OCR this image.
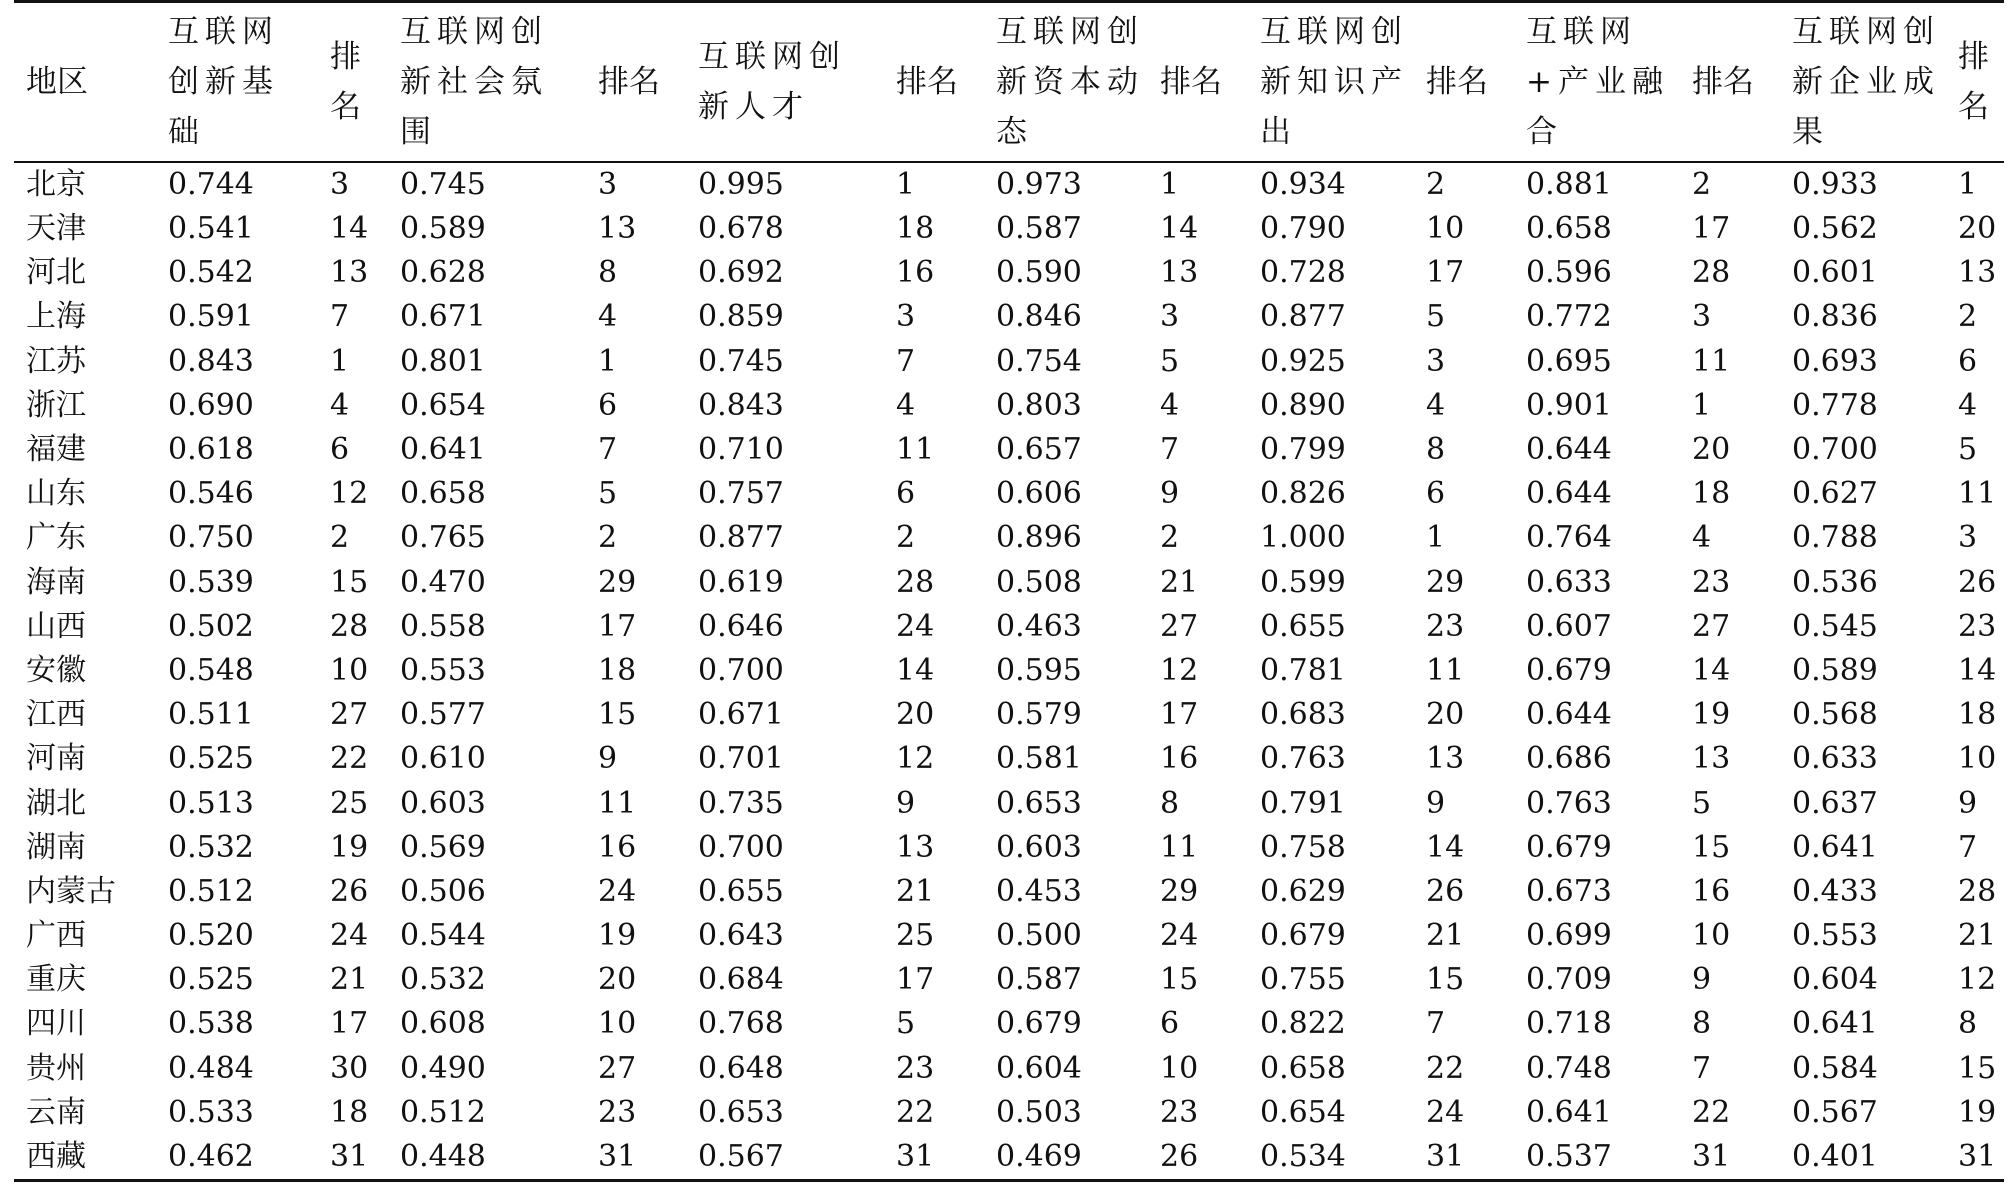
地区	互联网创新基础	排名	互联网创新社会氛围	排名	互联网创新人才	排名	互联网创新资本动态	排名	互联网创新知识产出	排名	互联网+产业融合	排名	互联网创新企业成果	排名

北京	0.744	3	0.745	3	0.995	1	0.973	1	0.934	2	0.881	2	0.933	1
天津	0.541	14	0.589	13	0.678	18	0.587	14	0.790	10	0.658	17	0.562	20
河北	0.542	13	0.628	8	0.692	16	0.590	13	0.728	17	0.596	28	0.601	13
上海	0.591	7	0.671	4	0.859	3	0.846	3	0.877	5	0.772	3	0.836	2
江苏	0.843	1	0.801	1	0.745	7	0.754	5	0.925	3	0.695	11	0.693	6
浙江	0.690	4	0.654	6	0.843	4	0.803	4	0.890	4	0.901	1	0.778	4
福建	0.618	6	0.641	7	0.710	11	0.657	7	0.799	8	0.644	20	0.700	5
山东	0.546	12	0.658	5	0.757	6	0.606	9	0.826	6	0.644	18	0.627	11
广东	0.750	2	0.765	2	0.877	2	0.896	2	1.000	1	0.764	4	0.788	3
海南	0.539	15	0.470	29	0.619	28	0.508	21	0.599	29	0.633	23	0.536	26
山西	0.502	28	0.558	17	0.646	24	0.463	27	0.655	23	0.607	27	0.545	23
安徽	0.548	10	0.553	18	0.700	14	0.595	12	0.781	11	0.679	14	0.589	14
江西	0.511	27	0.577	15	0.671	20	0.579	17	0.683	20	0.644	19	0.568	18
河南	0.525	22	0.610	9	0.701	12	0.581	16	0.763	13	0.686	13	0.633	10
湖北	0.513	25	0.603	11	0.735	9	0.653	8	0.791	9	0.763	5	0.637	9
湖南	0.532	19	0.569	16	0.700	13	0.603	11	0.758	14	0.679	15	0.641	7
内蒙古	0.512	26	0.506	24	0.655	21	0.453	29	0.629	26	0.673	16	0.433	28
广西	0.520	24	0.544	19	0.643	25	0.500	24	0.679	21	0.699	10	0.553	21
重庆	0.525	21	0.532	20	0.684	17	0.587	15	0.755	15	0.709	9	0.604	12
四川	0.538	17	0.608	10	0.768	5	0.679	6	0.822	7	0.718	8	0.641	8
贵州	0.484	30	0.490	27	0.648	23	0.604	10	0.658	22	0.748	7	0.584	15
云南	0.533	18	0.512	23	0.653	22	0.503	23	0.654	24	0.641	22	0.567	19
西藏	0.462	31	0.448	31	0.567	31	0.469	26	0.534	31	0.537	31	0.401	31
